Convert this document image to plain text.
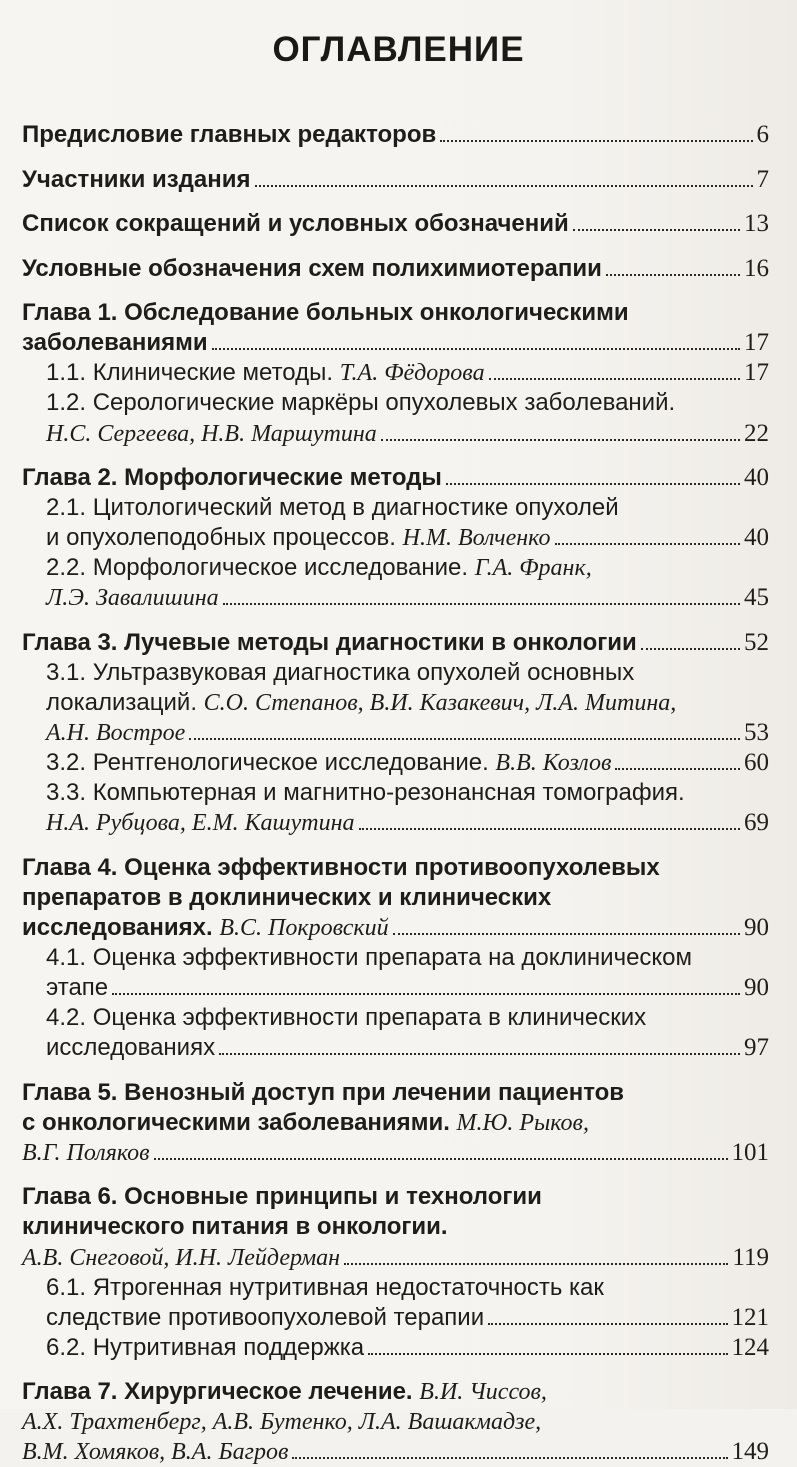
ОГЛАВЛЕНИЕ
Предисловие главных редакторов	6
Участники издания	7
Список сокращений и условных обозначений	13
Условные обозначения схем полихимиотерапии	16
Глава 1. Обследование больных онкологическими
заболеваниями	17
1.1. Клинические методы.
Т.А. Фёдорова	17
1.2. Серологические маркёры опухолевых заболеваний.
Н.С. Сергеева, Н.В. Маршутина	22
Глава 2. Морфологические методы	40
2.1. Цитологический метод в диагностике опухолей
и опухолеподобных процессов.
Н.М. Волченко	40
2.2. Морфологическое исследование.
Г.А. Франк,
Л.Э. Завалишина	45
Глава 3. Лучевые методы диагностики в онкологии	52
3.1. Ультразвуковая диагностика опухолей основных
локализаций.
С.О. Степанов, В.И. Казакевич, Л.А. Митина,
А.Н. Вострое	53
3.2. Рентгенологическое исследование.
В.В. Козлов	60
3.3. Компьютерная и магнитно-резонансная томография.
Н.А. Рубцова, Е.М. Кашутина	69
Глава 4. Оценка эффективности противоопухолевых
препаратов в доклинических и клинических
исследованиях.
В.С. Покровский	90
4.1. Оценка эффективности препарата на доклиническом
этапе	90
4.2. Оценка эффективности препарата в клинических
исследованиях	97
Глава 5. Венозный доступ при лечении пациентов
с онкологическими заболеваниями.
М.Ю. Рыков,
В.Г. Поляков	101
Глава 6. Основные принципы и технологии
клинического питания в онкологии.
А.В. Снеговой, И.Н. Лейдерман	119
6.1. Ятрогенная нутритивная недостаточность как
следствие противоопухолевой терапии	121
6.2. Нутритивная поддержка	124
Глава 7. Хирургическое лечение.
В.И. Чиссов,
А.Х. Трахтенберг, А.В. Бутенко, Л.А. Вашакмадзе,
В.М. Хомяков, В.А. Багров	149
